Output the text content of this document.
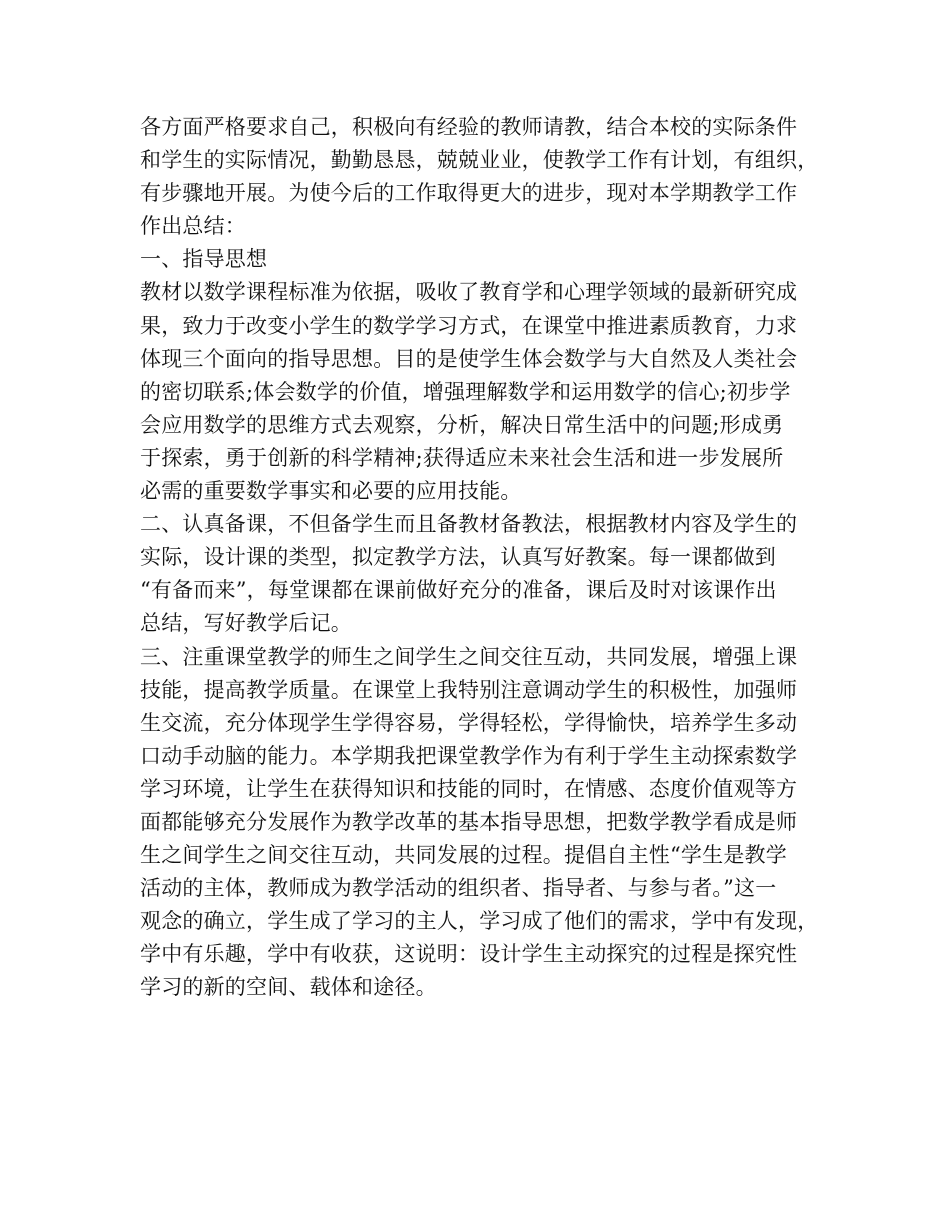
各方面严格要求自己，积极向有经验的教师请教，结合本校的实际条件
和学生的实际情况，勤勤恳恳，兢兢业业，使教学工作有计划，有组织，
有步骤地开展。为使今后的工作取得更大的进步，现对本学期教学工作
作出总结：
一、指导思想
教材以数学课程标准为依据，吸收了教育学和心理学领域的最新研究成
果，致力于改变小学生的数学学习方式，在课堂中推进素质教育，力求
体现三个面向的指导思想。目的是使学生体会数学与大自然及人类社会
的密切联系;体会数学的价值，增强理解数学和运用数学的信心;初步学
会应用数学的思维方式去观察，分析，解决日常生活中的问题;形成勇
于探索，勇于创新的科学精神;获得适应未来社会生活和进一步发展所
必需的重要数学事实和必要的应用技能。
二、认真备课，不但备学生而且备教材备教法，根据教材内容及学生的
实际，设计课的类型，拟定教学方法，认真写好教案。每一课都做到
“有备而来”，每堂课都在课前做好充分的准备，课后及时对该课作出
总结，写好教学后记。
三、注重课堂教学的师生之间学生之间交往互动，共同发展，增强上课
技能，提高教学质量。在课堂上我特别注意调动学生的积极性，加强师
生交流，充分体现学生学得容易，学得轻松，学得愉快，培养学生多动
口动手动脑的能力。本学期我把课堂教学作为有利于学生主动探索数学
学习环境，让学生在获得知识和技能的同时，在情感、态度价值观等方
面都能够充分发展作为教学改革的基本指导思想，把数学教学看成是师
生之间学生之间交往互动，共同发展的过程。提倡自主性“学生是教学
活动的主体，教师成为教学活动的组织者、指导者、与参与者。”这一
观念的确立，学生成了学习的主人，学习成了他们的需求，学中有发现，
学中有乐趣，学中有收获，这说明：设计学生主动探究的过程是探究性
学习的新的空间、载体和途径。
